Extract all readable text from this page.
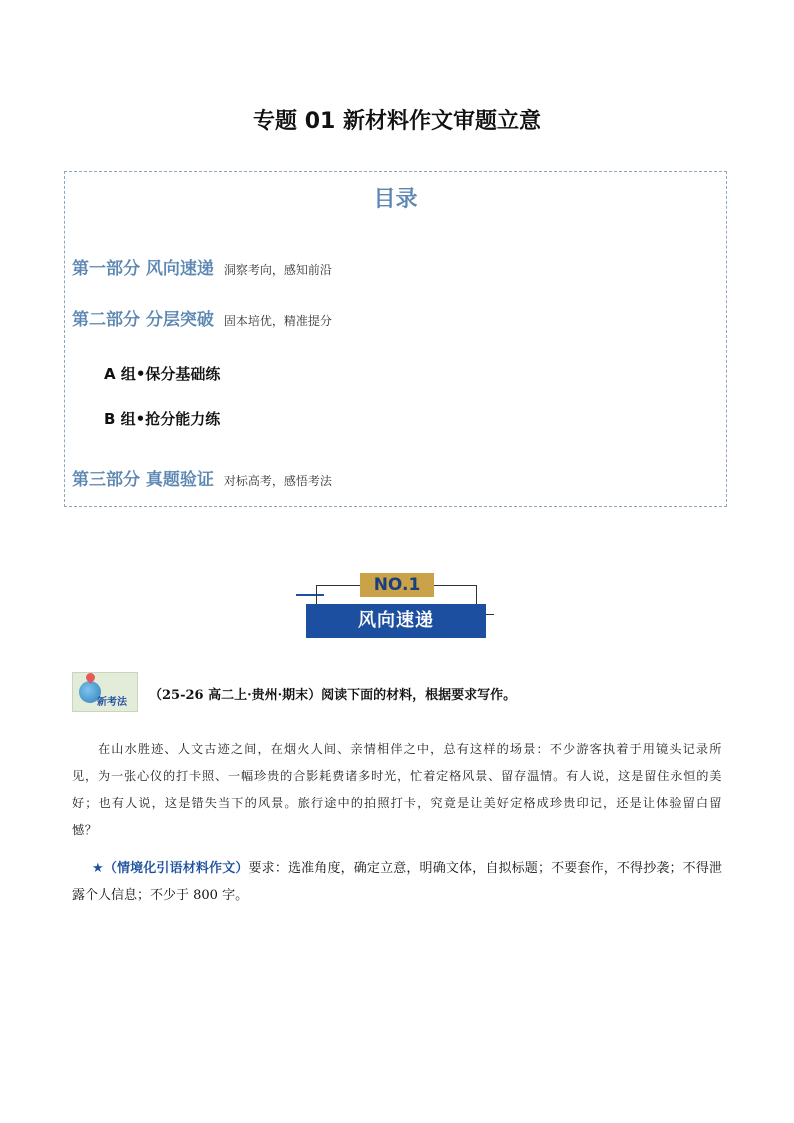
专题 01 新材料作文审题立意
目录
第一部分 风向速递 洞察考向，感知前沿
第二部分 分层突破 固本培优，精准提分
A 组•保分基础练
B 组•抢分能力练
第三部分 真题验证 对标高考，感悟考法
NO.1
风向速递
新考法 （25-26 高二上·贵州·期末）阅读下面的材料，根据要求写作。
在山水胜迹、人文古迹之间，在烟火人间、亲情相伴之中，总有这样的场景：不少游客执着于用镜头记录所见，为一张心仪的打卡照、一幅珍贵的合影耗费诸多时光，忙着定格风景、留存温情。有人说，这是留住永恒的美好；也有人说，这是错失当下的风景。旅行途中的拍照打卡，究竟是让美好定格成珍贵印记，还是让体验留白留憾？
★（情境化引语材料作文）要求：选准角度，确定立意，明确文体，自拟标题；不要套作，不得抄袭；不得泄露个人信息；不少于 800 字。
